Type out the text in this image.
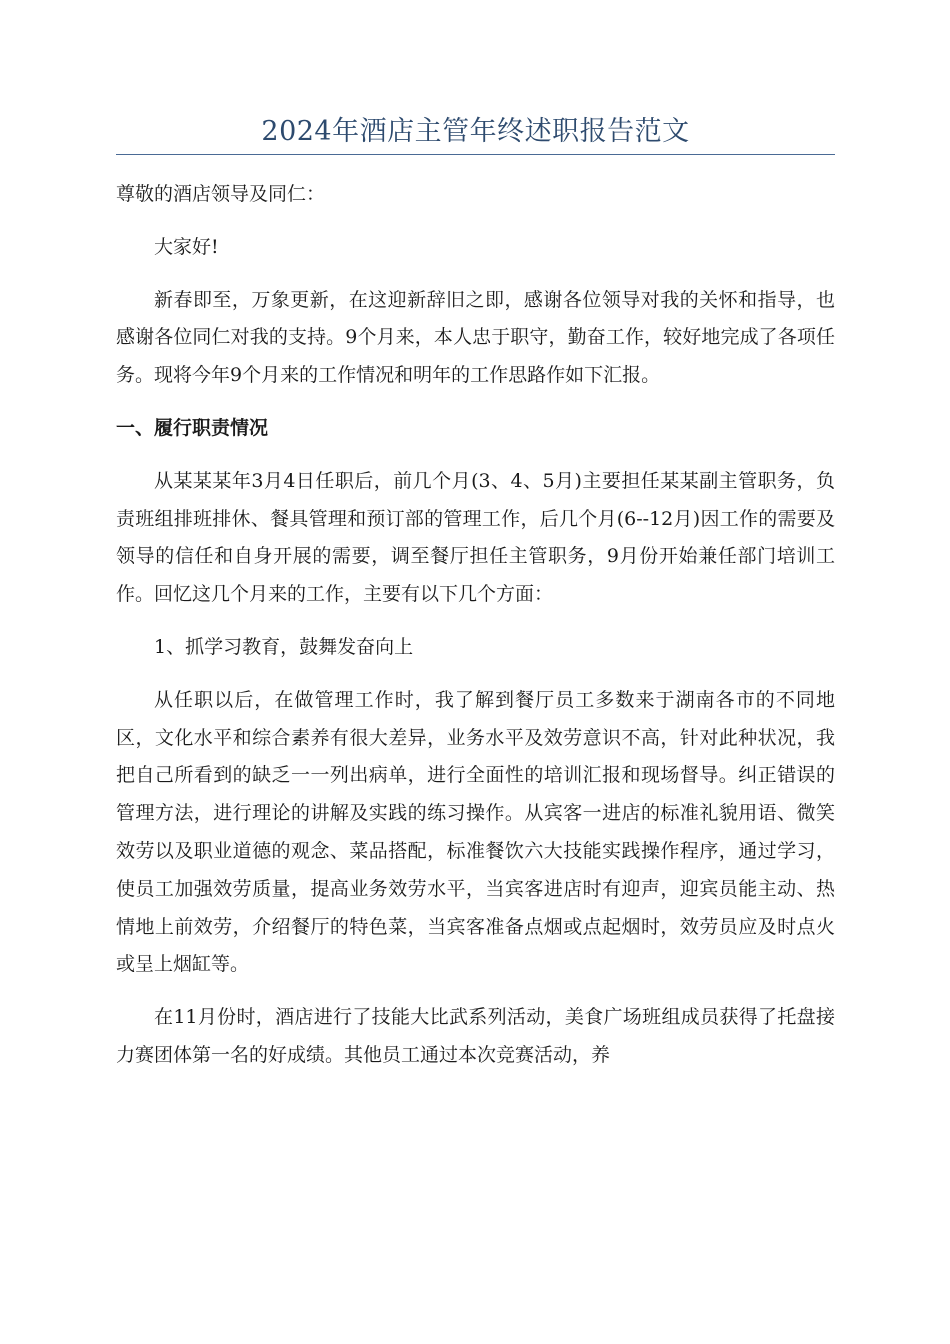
2024年酒店主管年终述职报告范文

尊敬的酒店领导及同仁：

大家好!

新春即至，万象更新，在这迎新辞旧之即，感谢各位领导对我的关怀和指导，也感谢各位同仁对我的支持。9个月来，本人忠于职守，勤奋工作，较好地完成了各项任务。现将今年9个月来的工作情况和明年的工作思路作如下汇报。

一、履行职责情况

从某某某年3月4日任职后，前几个月(3、4、5月)主要担任某某副主管职务，负责班组排班排休、餐具管理和预订部的管理工作，后几个月(6--12月)因工作的需要及领导的信任和自身开展的需要，调至餐厅担任主管职务，9月份开始兼任部门培训工作。回忆这几个月来的工作，主要有以下几个方面：

1、抓学习教育，鼓舞发奋向上

从任职以后，在做管理工作时，我了解到餐厅员工多数来于湖南各市的不同地区，文化水平和综合素养有很大差异，业务水平及效劳意识不高，针对此种状况，我把自己所看到的缺乏一一列出病单，进行全面性的培训汇报和现场督导。纠正错误的管理方法，进行理论的讲解及实践的练习操作。从宾客一进店的标准礼貌用语、微笑效劳以及职业道德的观念、菜品搭配，标准餐饮六大技能实践操作程序，通过学习，使员工加强效劳质量，提高业务效劳水平，当宾客进店时有迎声，迎宾员能主动、热情地上前效劳，介绍餐厅的特色菜，当宾客准备点烟或点起烟时，效劳员应及时点火或呈上烟缸等。

在11月份时，酒店进行了技能大比武系列活动，美食广场班组成员获得了托盘接力赛团体第一名的好成绩。其他员工通过本次竞赛活动，养
